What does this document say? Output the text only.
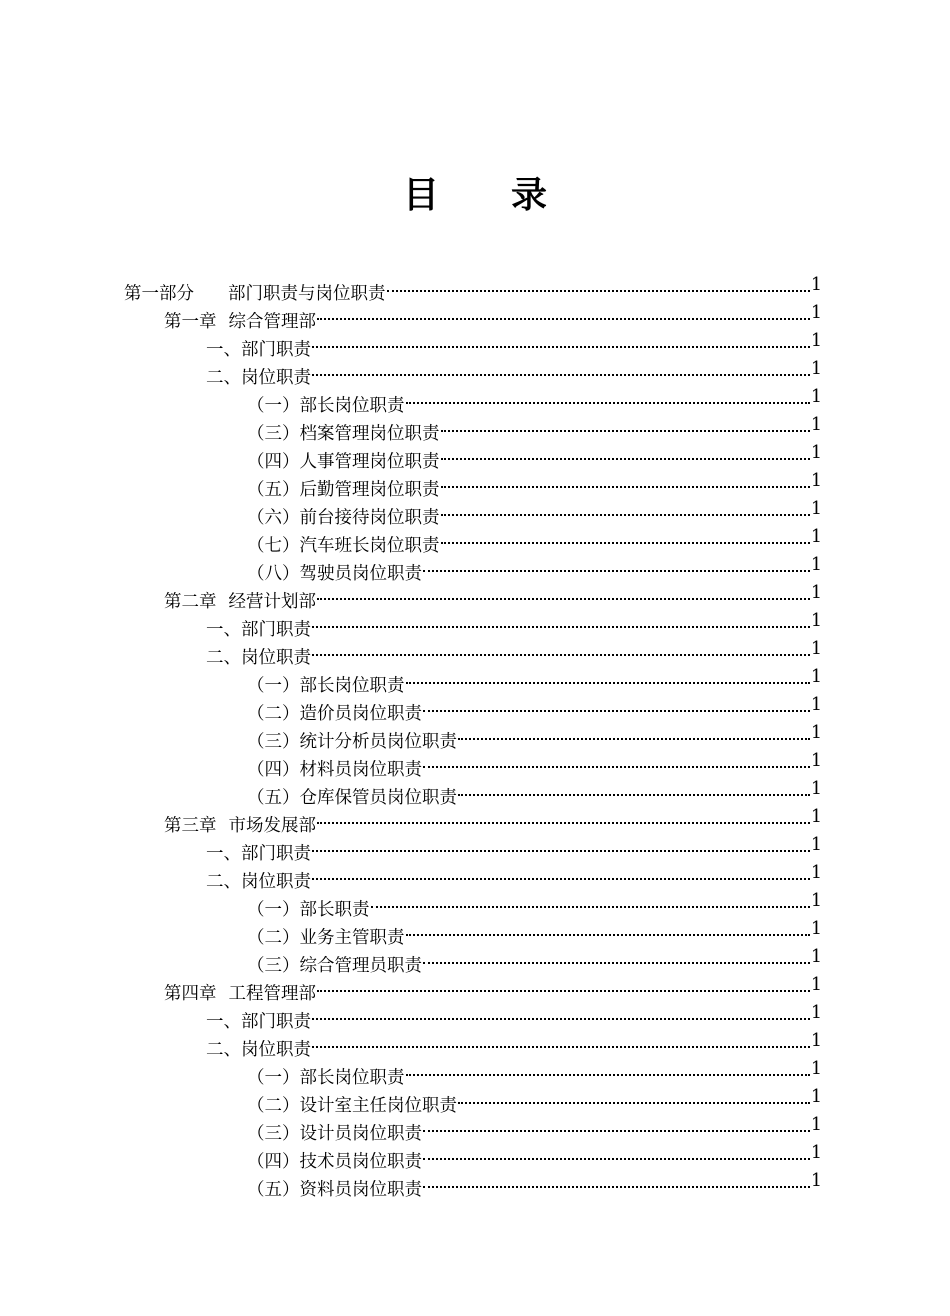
目 录
第一部分 部门职责与岗位职责	1
第一章 综合管理部	1
一、 部门职责	1
二、 岗位职责	1
（一） 部长岗位职责	1
（三） 档案管理岗位职责	1
（四） 人事管理岗位职责	1
（五） 后勤管理岗位职责	1
（六） 前台接待岗位职责	1
（七） 汽车班长岗位职责	1
（八） 驾驶员岗位职责	1
第二章 经营计划部	1
一、 部门职责	1
二、 岗位职责	1
（一） 部长岗位职责	1
（二） 造价员岗位职责	1
（三） 统计分析员岗位职责	1
（四） 材料员岗位职责	1
（五） 仓库保管员岗位职责	1
第三章 市场发展部	1
一、 部门职责	1
二、 岗位职责	1
（一） 部长职责	1
（二） 业务主管职责	1
（三） 综合管理员职责	1
第四章 工程管理部	1
一、 部门职责	1
二、 岗位职责	1
（一） 部长岗位职责	1
（二） 设计室主任岗位职责	1
（三） 设计员岗位职责	1
（四） 技术员岗位职责	1
（五） 资料员岗位职责	1
